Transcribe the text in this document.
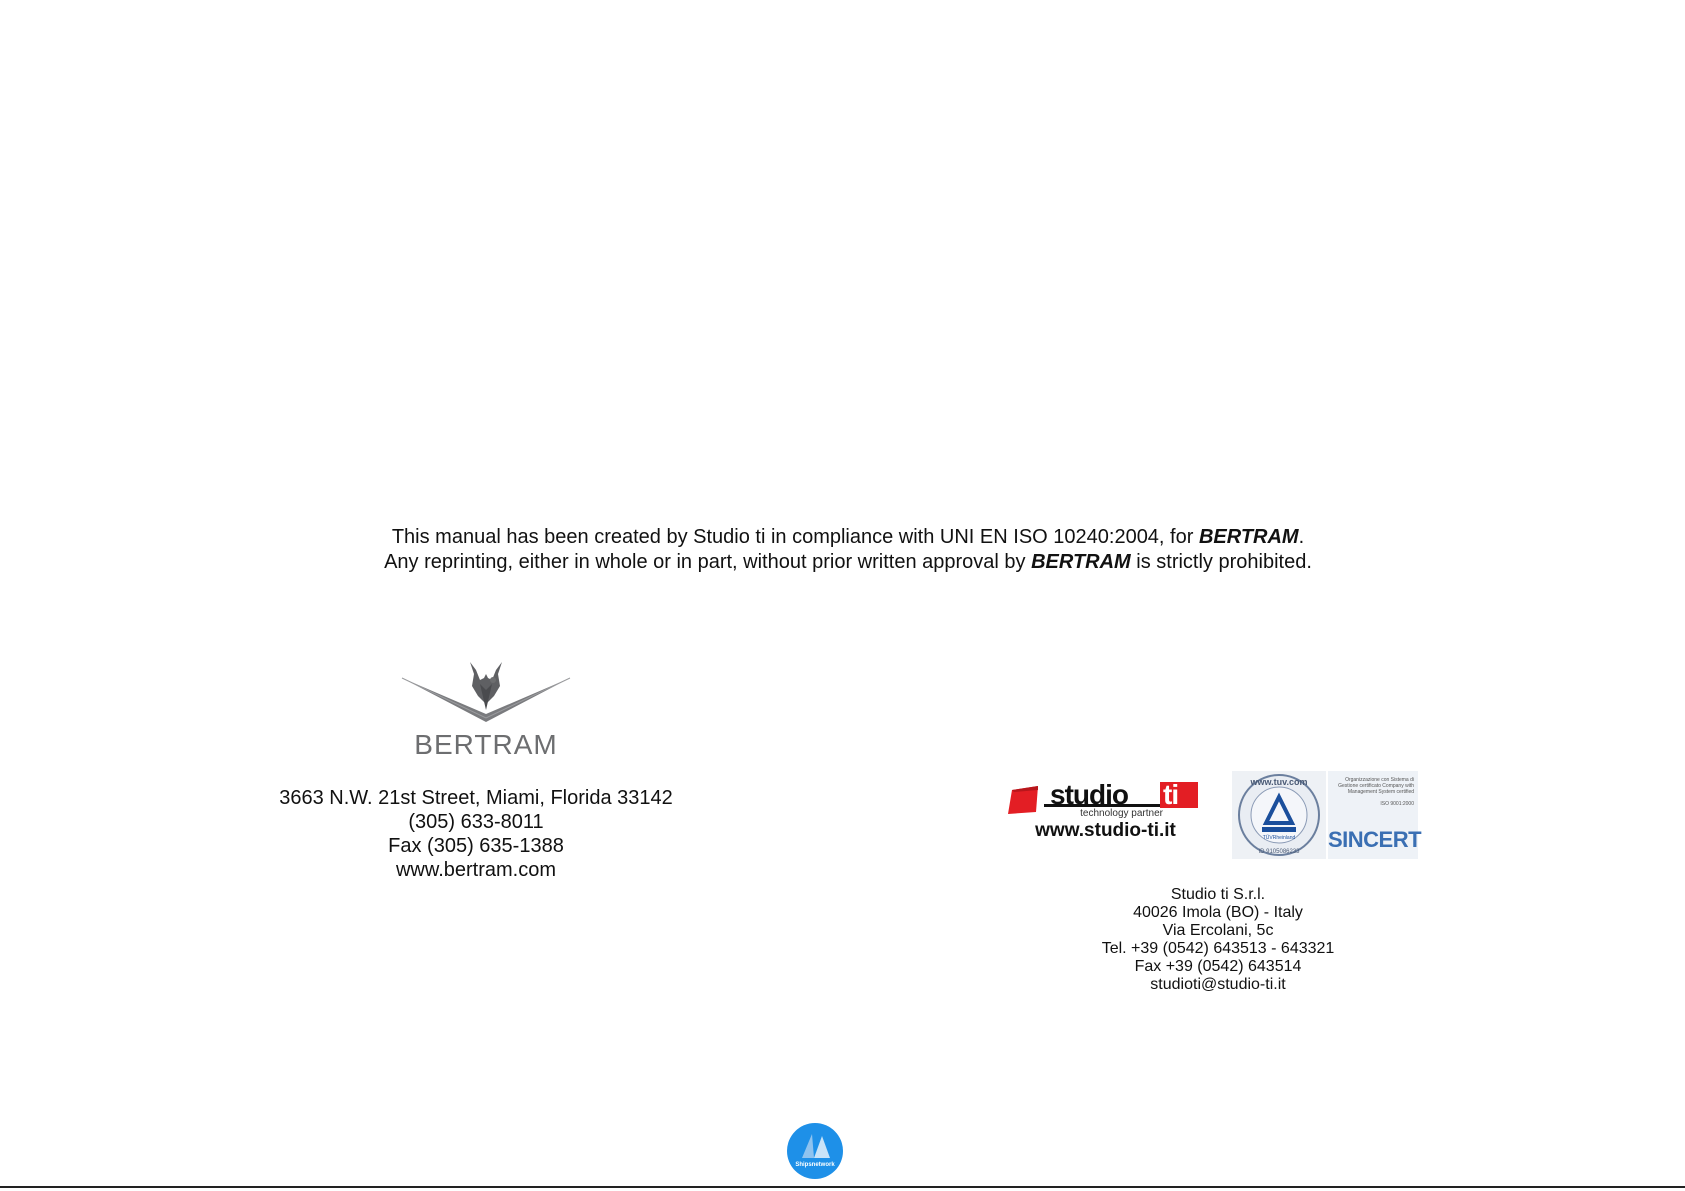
This manual has been created by Studio ti in compliance with UNI EN ISO 10240:2004, for BERTRAM.
Any reprinting, either in whole or in part, without prior written approval by BERTRAM is strictly prohibited.
BERTRAM
3663 N.W. 21st Street, Miami, Florida 33142
(305) 633-8011
Fax (305) 635-1388
www.bertram.com
studio ti
technology partner
www.studio-ti.it	TÜVRheinland
www.tuv.com
ID 9105086233
Organizzazione con Sistema di Gestione certificato Company with Management System certified

ISO 9001:2000
SINCERT
Studio ti S.r.l.
40026 Imola (BO) - Italy
Via Ercolani, 5c
Tel. +39 (0542) 643513 - 643321
Fax +39 (0542) 643514
studioti@studio-ti.it
Shipsnetwork
